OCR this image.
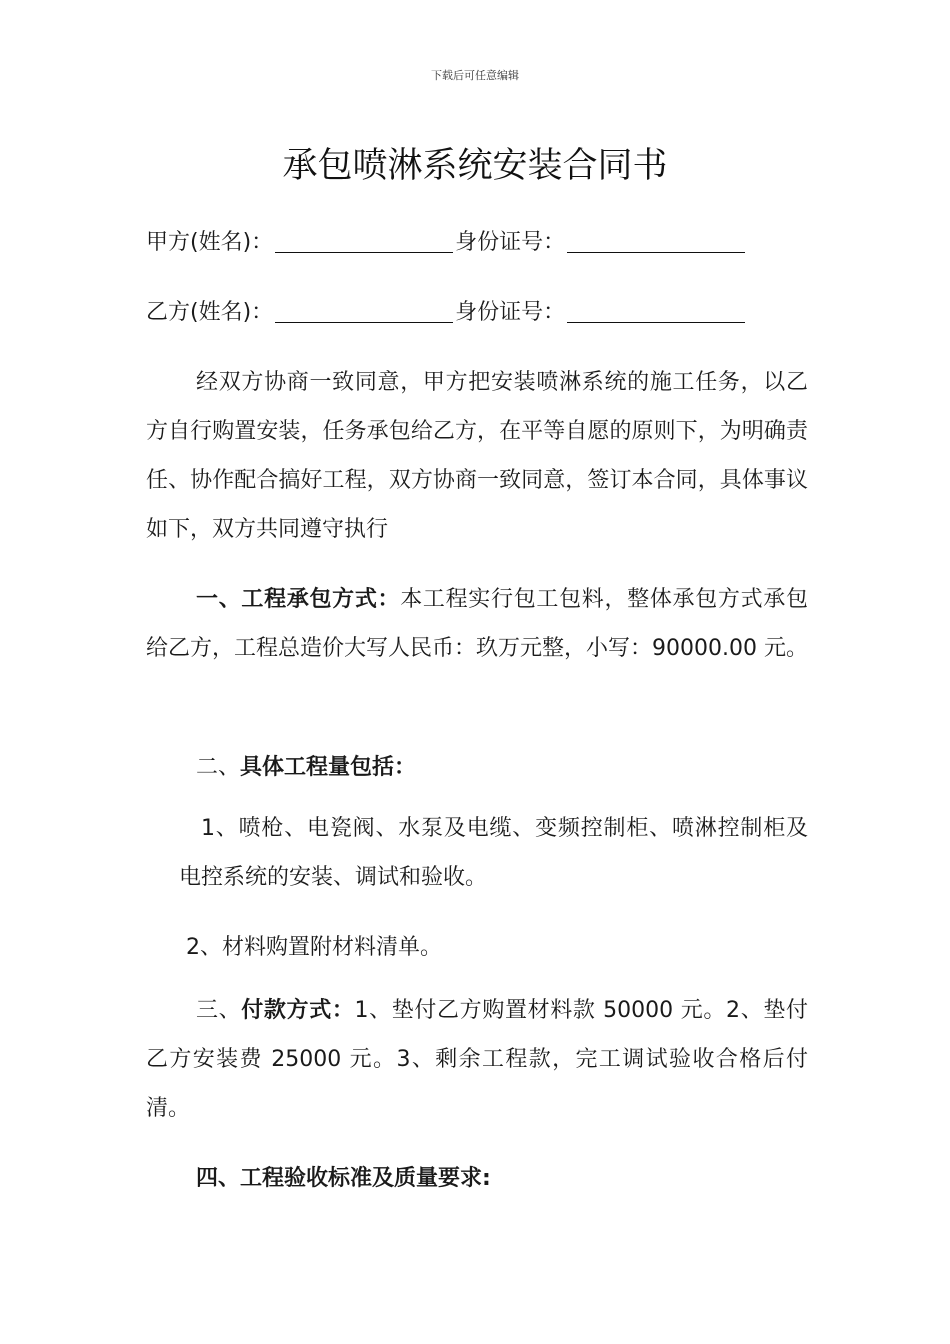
下载后可任意编辑
承包喷淋系统安装合同书
甲方(姓名)：	身份证号：
乙方(姓名)：	身份证号：
经双方协商一致同意，甲方把安装喷淋系统的施工任务，以乙方自行购置安装，任务承包给乙方，在平等自愿的原则下，为明确责任、协作配合搞好工程，双方协商一致同意，签订本合同，具体事议如下，双方共同遵守执行
一、工程承包方式：本工程实行包工包料，整体承包方式承包给乙方，工程总造价大写人民币：玖万元整，小写：90000.00 元。
二、具体工程量包括：
1、喷枪、电瓷阀、水泵及电缆、变频控制柜、喷淋控制柜及电控系统的安装、调试和验收。
2、材料购置附材料清单。
三、付款方式：1、垫付乙方购置材料款 50000 元。2、垫付乙方安装费 25000 元。3、剩余工程款，完工调试验收合格后付清。
四、工程验收标准及质量要求:
